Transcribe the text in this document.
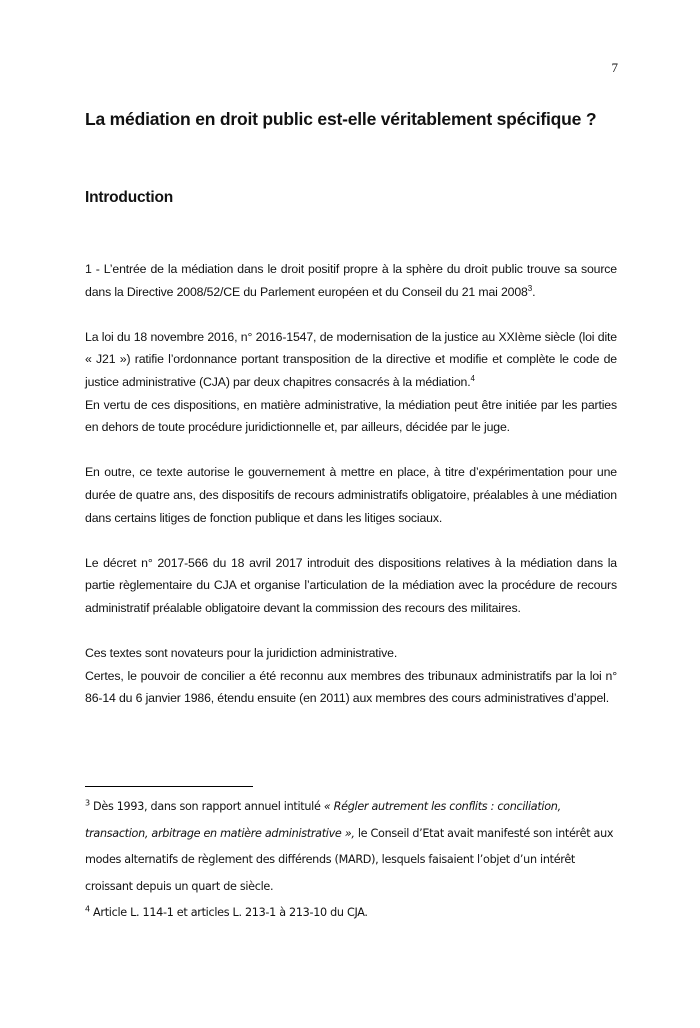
7
La médiation en droit public est-elle véritablement spécifique ?
Introduction

1 - L’entrée de la médiation dans le droit positif propre à la sphère du droit public trouve sa source dans la Directive 2008/52/CE du Parlement européen et du Conseil du 21 mai 2008$^3$.

La loi du 18 novembre 2016, n° 2016-1547, de modernisation de la justice au XXIème siècle (loi dite « J21 ») ratifie l’ordonnance portant transposition de la directive et modifie et complète le code de justice administrative (CJA) par deux chapitres consacrés à la médiation.$^4$

En vertu de ces dispositions, en matière administrative, la médiation peut être initiée par les parties en dehors de toute procédure juridictionnelle et, par ailleurs, décidée par le juge.

En outre, ce texte autorise le gouvernement à mettre en place, à titre d’expérimentation pour une durée de quatre ans, des dispositifs de recours administratifs obligatoire, préalables à une médiation dans certains litiges de fonction publique et dans les litiges sociaux.

Le décret n° 2017-566 du 18 avril 2017 introduit des dispositions relatives à la médiation dans la partie règlementaire du CJA et organise l’articulation de la médiation avec la procédure de recours administratif préalable obligatoire devant la commission des recours des militaires.

Ces textes sont novateurs pour la juridiction administrative.

Certes, le pouvoir de concilier a été reconnu aux membres des tribunaux administratifs par la loi n° 86-14 du 6 janvier 1986, étendu ensuite (en 2011) aux membres des cours administratives d’appel.

$^3$ Dès 1993, dans son rapport annuel intitulé « Régler autrement les conflits : conciliation, transaction, arbitrage en matière administrative », le Conseil d’Etat avait manifesté son intérêt aux modes alternatifs de règlement des différends (MARD), lesquels faisaient l’objet d’un intérêt croissant depuis un quart de siècle.

$^4$ Article L. 114-1 et articles L. 213-1 à 213-10 du CJA.
